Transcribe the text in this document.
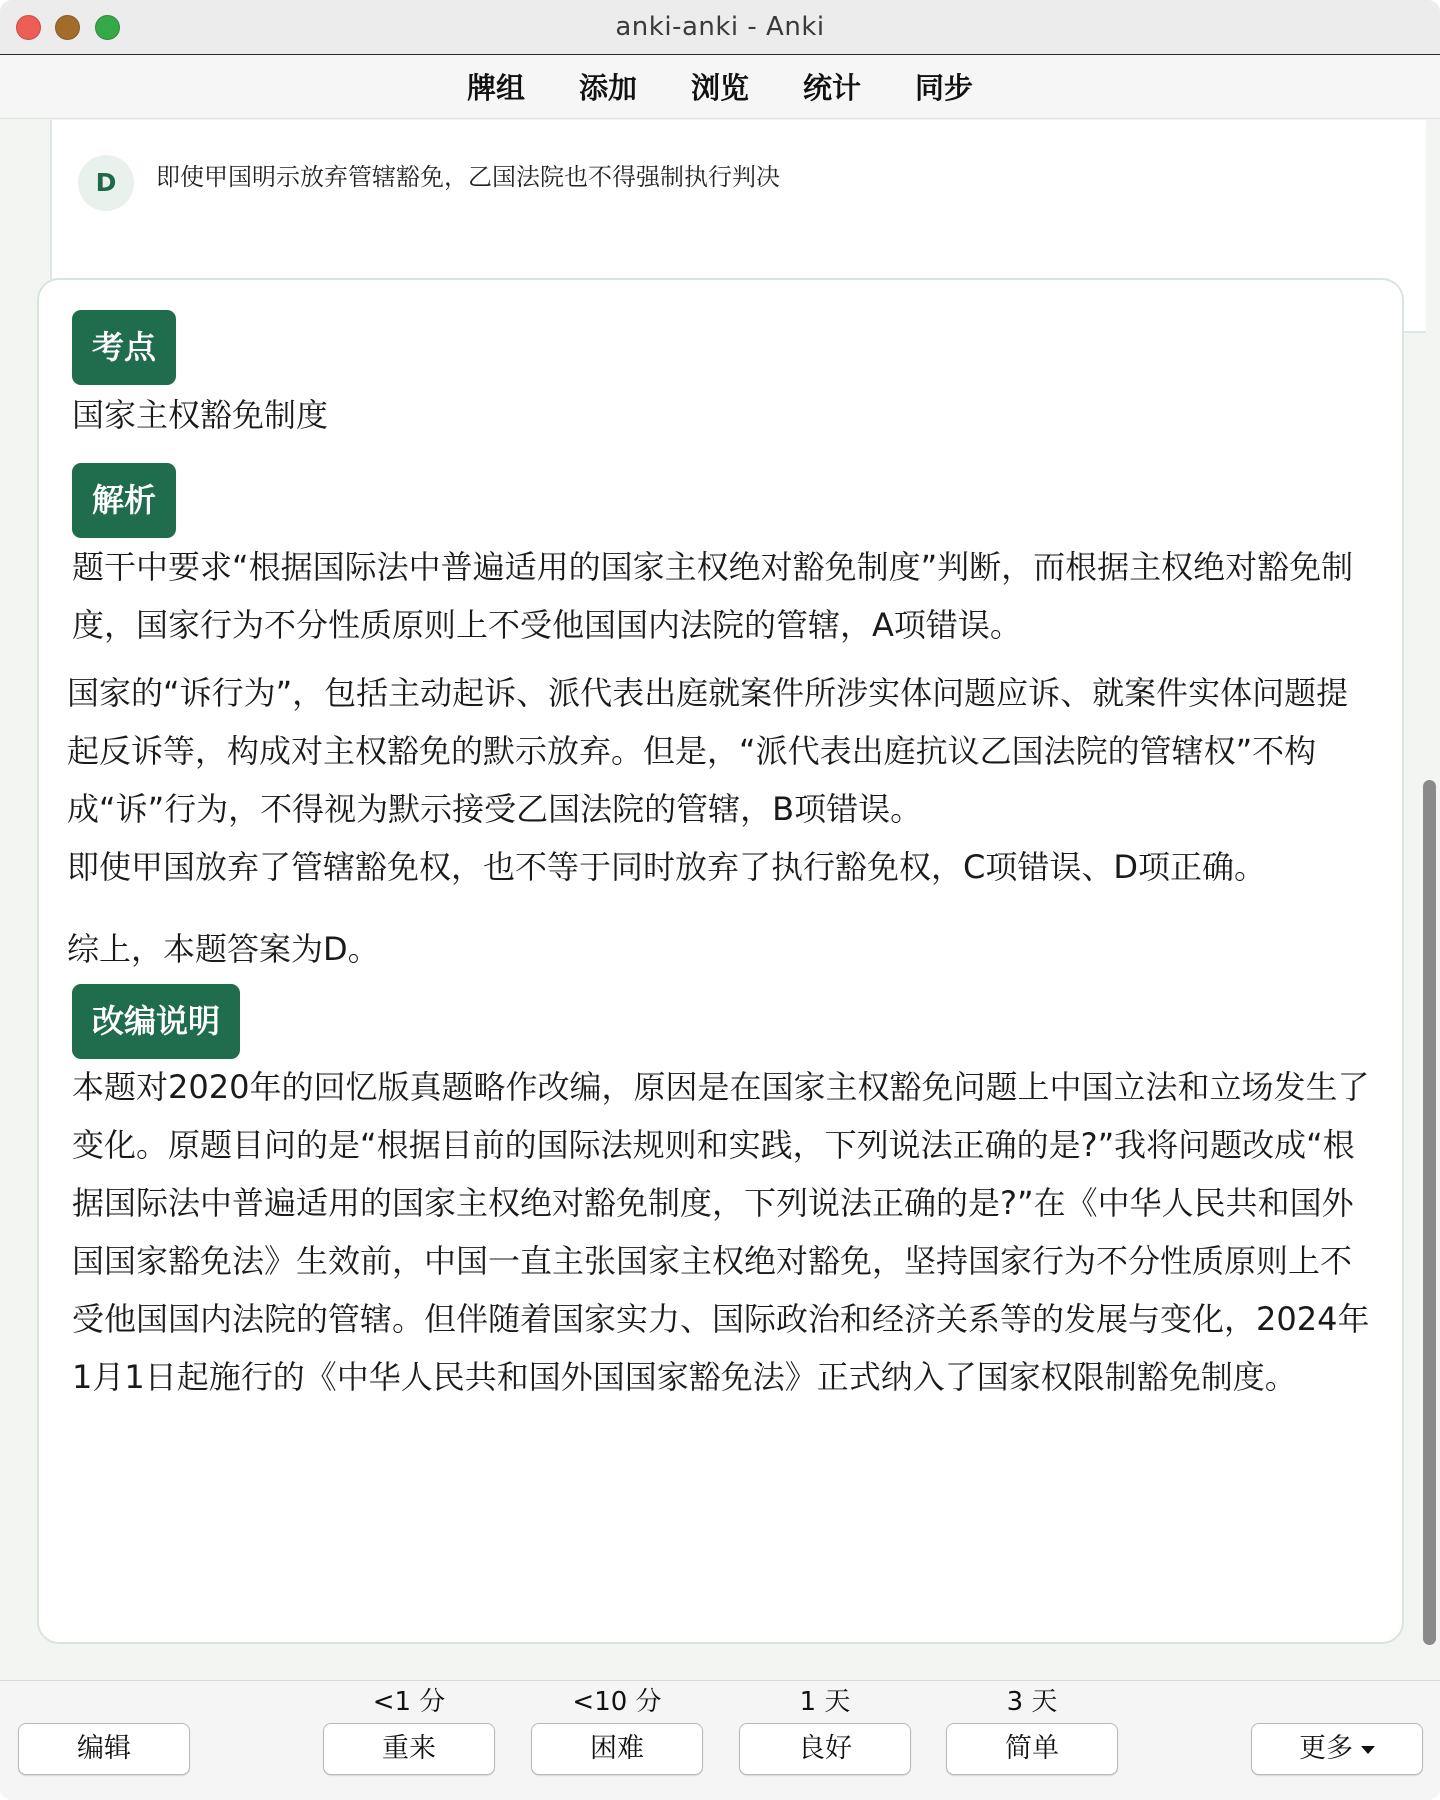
anki-anki - Anki
牌组	添加	浏览	统计	同步
D	即使甲国明示放弃管辖豁免，乙国法院也不得强制执行判决
考点
国家主权豁免制度
解析
题干中要求“根据国际法中普遍适用的国家主权绝对豁免制度”判断，而根据主权绝对豁免制度，国家行为不分性质原则上不受他国国内法院的管辖，A项错误。
国家的“诉行为”，包括主动起诉、派代表出庭就案件所涉实体问题应诉、就案件实体问题提起反诉等，构成对主权豁免的默示放弃。但是，“派代表出庭抗议乙国法院的管辖权”不构成“诉”行为，不得视为默示接受乙国法院的管辖，B项错误。
即使甲国放弃了管辖豁免权，也不等于同时放弃了执行豁免权，C项错误、D项正确。
综上，本题答案为D。
改编说明
本题对2020年的回忆版真题略作改编，原因是在国家主权豁免问题上中国立法和立场发生了变化。原题目问的是“根据目前的国际法规则和实践，下列说法正确的是?”我将问题改成“根据国际法中普遍适用的国家主权绝对豁免制度，下列说法正确的是?”在《中华人民共和国外国国家豁免法》生效前，中国一直主张国家主权绝对豁免，坚持国家行为不分性质原则上不受他国国内法院的管辖。但伴随着国家实力、国际政治和经济关系等的发展与变化，2024年1月1日起施行的《中华人民共和国外国国家豁免法》正式纳入了国家权限制豁免制度。
编辑
<1 分
重来
<10 分
困难
1 天
良好
3 天
简单	更多
